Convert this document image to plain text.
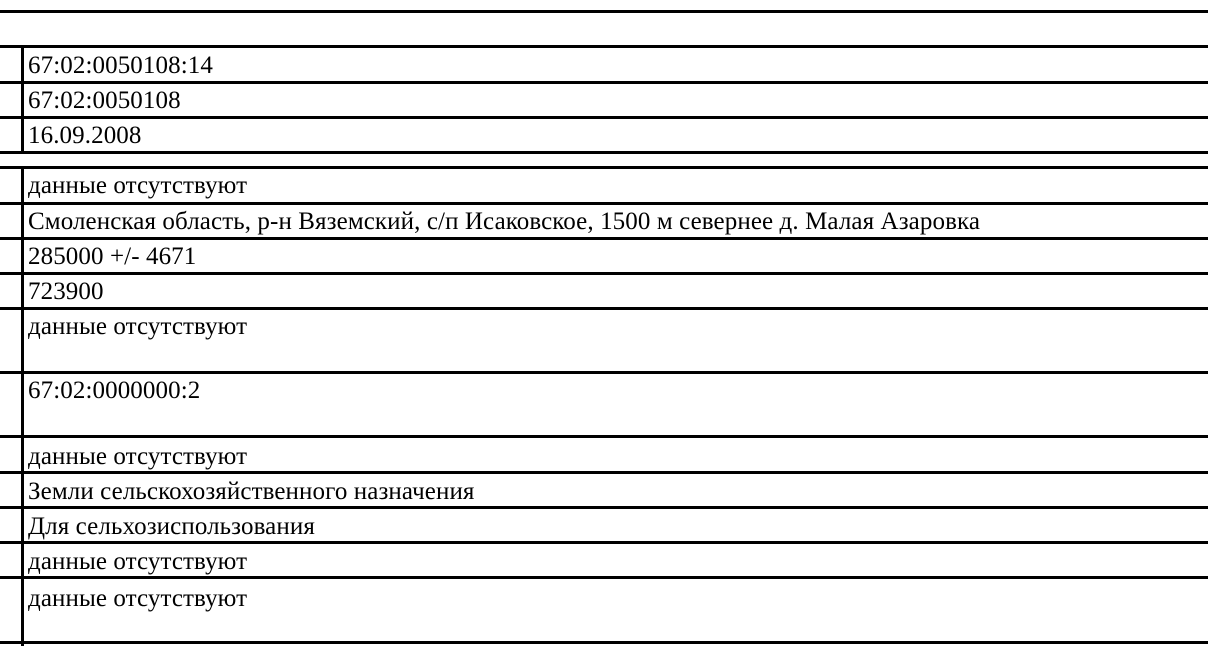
67:02:0050108:14
67:02:0050108
16.09.2008
данные отсутствуют
Смоленская область, р-н Вяземский, с/п Исаковское, 1500 м севернее д. Малая Азаровка
285000 +/- 4671
723900
данные отсутствуют
67:02:0000000:2
данные отсутствуют
Земли сельскохозяйственного назначения
Для сельхозиспользования
данные отсутствуют
данные отсутствуют
